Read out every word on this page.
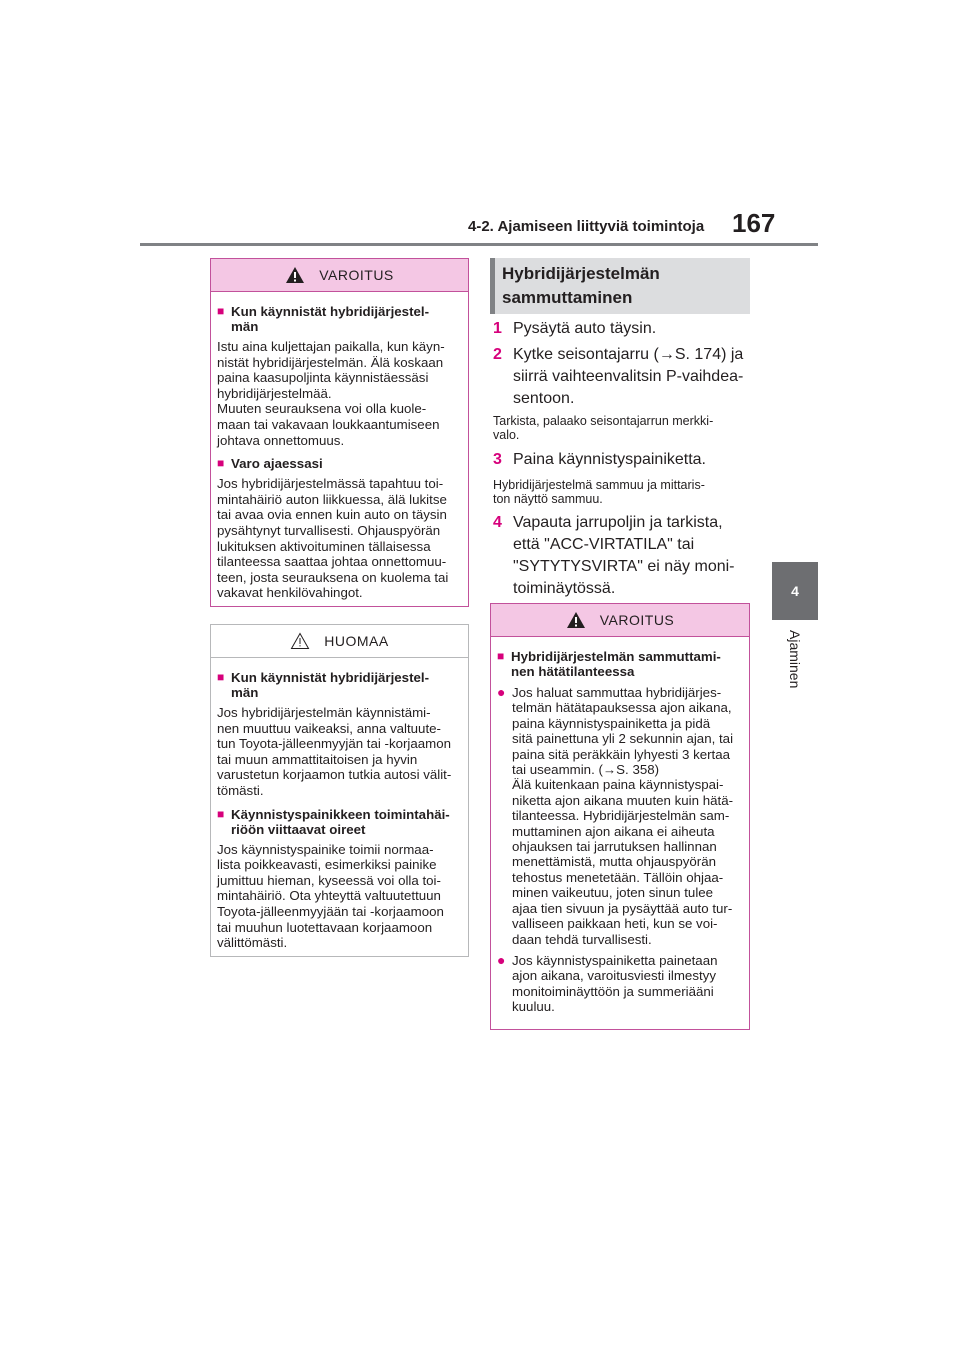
4-2. Ajamiseen liittyviä toimintoja 167
4
Ajaminen
VAROITUS
■ Kun käynnistät hybridijärjestel-
män
Istu aina kuljettajan paikalla, kun käyn-
nistät hybridijärjestelmän. Älä koskaan
paina kaasupoljinta käynnistäessäsi
hybridijärjestelmää.
Muuten seurauksena voi olla kuole-
maan tai vakavaan loukkaantumiseen
johtava onnettomuus.
■ Varo ajaessasi
Jos hybridijärjestelmässä tapahtuu toi-
mintahäiriö auton liikkuessa, älä lukitse
tai avaa ovia ennen kuin auto on täysin
pysähtynyt turvallisesti. Ohjauspyörän
lukituksen aktivoituminen tällaisessa
tilanteessa saattaa johtaa onnettomuu-
teen, josta seurauksena on kuolema tai
vakavat henkilövahingot.
HUOMAA
■ Kun käynnistät hybridijärjestel-
män
Jos hybridijärjestelmän käynnistämi-
nen muuttuu vaikeaksi, anna valtuute-
tun Toyota-jälleenmyyjän tai -korjaamon
tai muun ammattitaitoisen ja hyvin
varustetun korjaamon tutkia autosi välit-
tömästi.
■ Käynnistyspainikkeen toimintahäi-
riöön viittaavat oireet
Jos käynnistyspainike toimii normaa-
lista poikkeavasti, esimerkiksi painike
jumittuu hieman, kyseessä voi olla toi-
mintahäiriö. Ota yhteyttä valtuutettuun
Toyota-jälleenmyyjään tai -korjaamoon
tai muuhun luotettavaan korjaamoon
välittömästi.
Hybridijärjestelmän
sammuttaminen
1 Pysäytä auto täysin.
2 Kytke seisontajarru (→S. 174) ja
siirrä vaihteenvalitsin P-vaihdea-
sentoon.
Tarkista, palaako seisontajarrun merkki-
valo.
3 Paina käynnistyspainiketta.
Hybridijärjestelmä sammuu ja mittaris-
ton näyttö sammuu.
4 Vapauta jarrupoljin ja tarkista,
että "ACC-VIRTATILA" tai
"SYTYTYSVIRTA" ei näy moni-
toiminäytössä.
VAROITUS
■ Hybridijärjestelmän sammuttami-
nen hätätilanteessa
● Jos haluat sammuttaa hybridijärjes-
telmän hätätapauksessa ajon aikana,
paina käynnistyspainiketta ja pidä
sitä painettuna yli 2 sekunnin ajan, tai
paina sitä peräkkäin lyhyesti 3 kertaa
tai useammin. (→S. 358)
Älä kuitenkaan paina käynnistyspai-
niketta ajon aikana muuten kuin hätä-
tilanteessa. Hybridijärjestelmän sam-
muttaminen ajon aikana ei aiheuta
ohjauksen tai jarrutuksen hallinnan
menettämistä, mutta ohjauspyörän
tehostus menetetään. Tällöin ohjaa-
minen vaikeutuu, joten sinun tulee
ajaa tien sivuun ja pysäyttää auto tur-
valliseen paikkaan heti, kun se voi-
daan tehdä turvallisesti.
● Jos käynnistyspainiketta painetaan
ajon aikana, varoitusviesti ilmestyy
monitoiminäyttöön ja summeriääni
kuuluu.
